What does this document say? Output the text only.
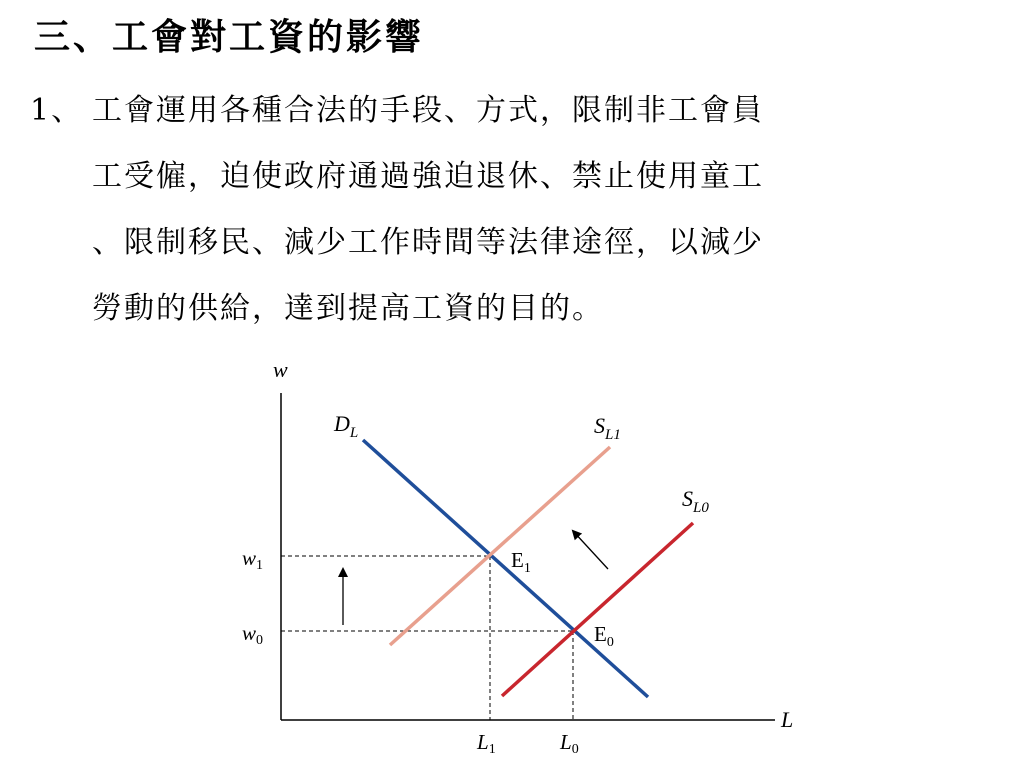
三、工會對工資的影響
1、 工會運用各種合法的手段、方式，限制非工會員
工受僱，迫使政府通過強迫退休、禁止使用童工
、限制移民、減少工作時間等法律途徑，以減少
勞動的供給，達到提高工資的目的。
w
L
$D_L$	$S_{L1}$
$S_{L0}$
$E_1$
$E_0$
w1
w0
L1	L0
